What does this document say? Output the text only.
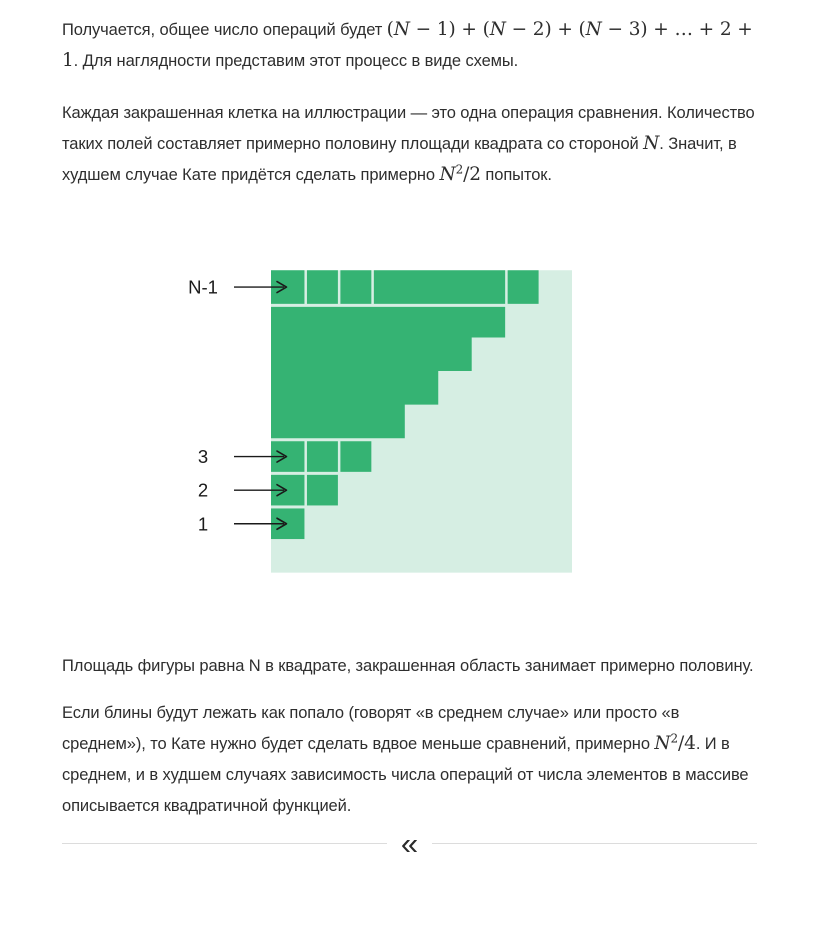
Получается, общее число операций будет (N − 1) + (N − 2) + (N − 3) + … + 2 + 1. Для наглядности представим этот процесс в виде схемы.

Каждая закрашенная клетка на иллюстрации — это одна операция сравнения. Количество таких полей составляет примерно половину площади квадрата со стороной N. Значит, в худшем случае Кате придётся сделать примерно $N^2/2$ попыток.

N-1
3
2
1

Площадь фигуры равна N в квадрате, закрашенная область занимает примерно половину.

Если блины будут лежать как попало (говорят «в среднем случае» или просто «в среднем»), то Кате нужно будет сделать вдвое меньше сравнений, примерно $N^2/4$. И в среднем, и в худшем случаях зависимость числа операций от числа элементов в массиве описывается квадратичной функцией.

«
